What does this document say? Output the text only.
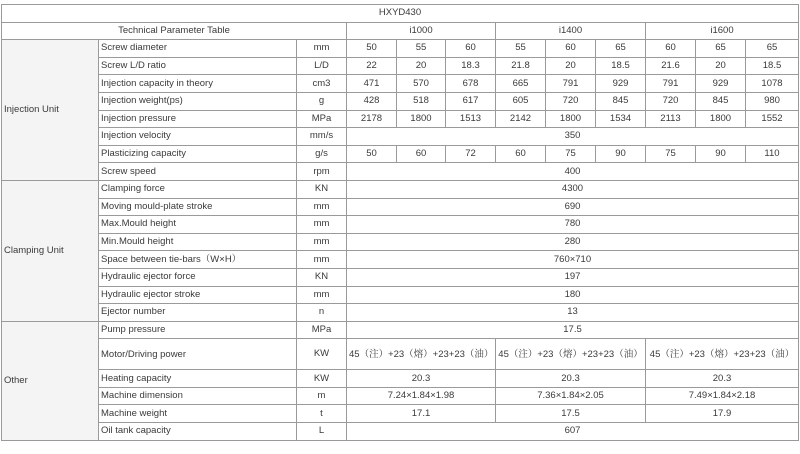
HXYD430											
Technical Parameter Table			i1000			i1400			i1600		
Injection Unit	Screw diameter	mm	50	55	60	55	60	65	60	65	65
	Screw L/D ratio	L/D	22	20	18.3	21.8	20	18.5	21.6	20	18.5
	Injection capacity in theory	cm3	471	570	678	665	791	929	791	929	1078
	Injection weight(ps)	g	428	518	617	605	720	845	720	845	980
	Injection pressure	MPa	2178	1800	1513	2142	1800	1534	2113	1800	1552
	Injection velocity	mm/s	350								
	Plasticizing capacity	g/s	50	60	72	60	75	90	75	90	110
	Screw speed	rpm	400								
Clamping Unit	Clamping force	KN	4300								
	Moving mould-plate stroke	mm	690								
	Max.Mould height	mm	780								
	Min.Mould height	mm	280								
	Space between tie-bars（W×H）	mm	760×710								
	Hydraulic ejector force	KN	197								
	Hydraulic ejector stroke	mm	180								
	Ejector number	n	13								
Other	Pump pressure	MPa	17.5								
	Motor/Driving power	KW	45（注）+23（熔）+23+23（油）			45（注）+23（熔）+23+23（油）			45（注）+23（熔）+23+23（油）		
	Heating capacity	KW	20.3			20.3			20.3		
	Machine dimension	m	7.24×1.84×1.98			7.36×1.84×2.05			7.49×1.84×2.18		
	Machine weight	t	17.1			17.5			17.9		
	Oil tank capacity	L	607								
